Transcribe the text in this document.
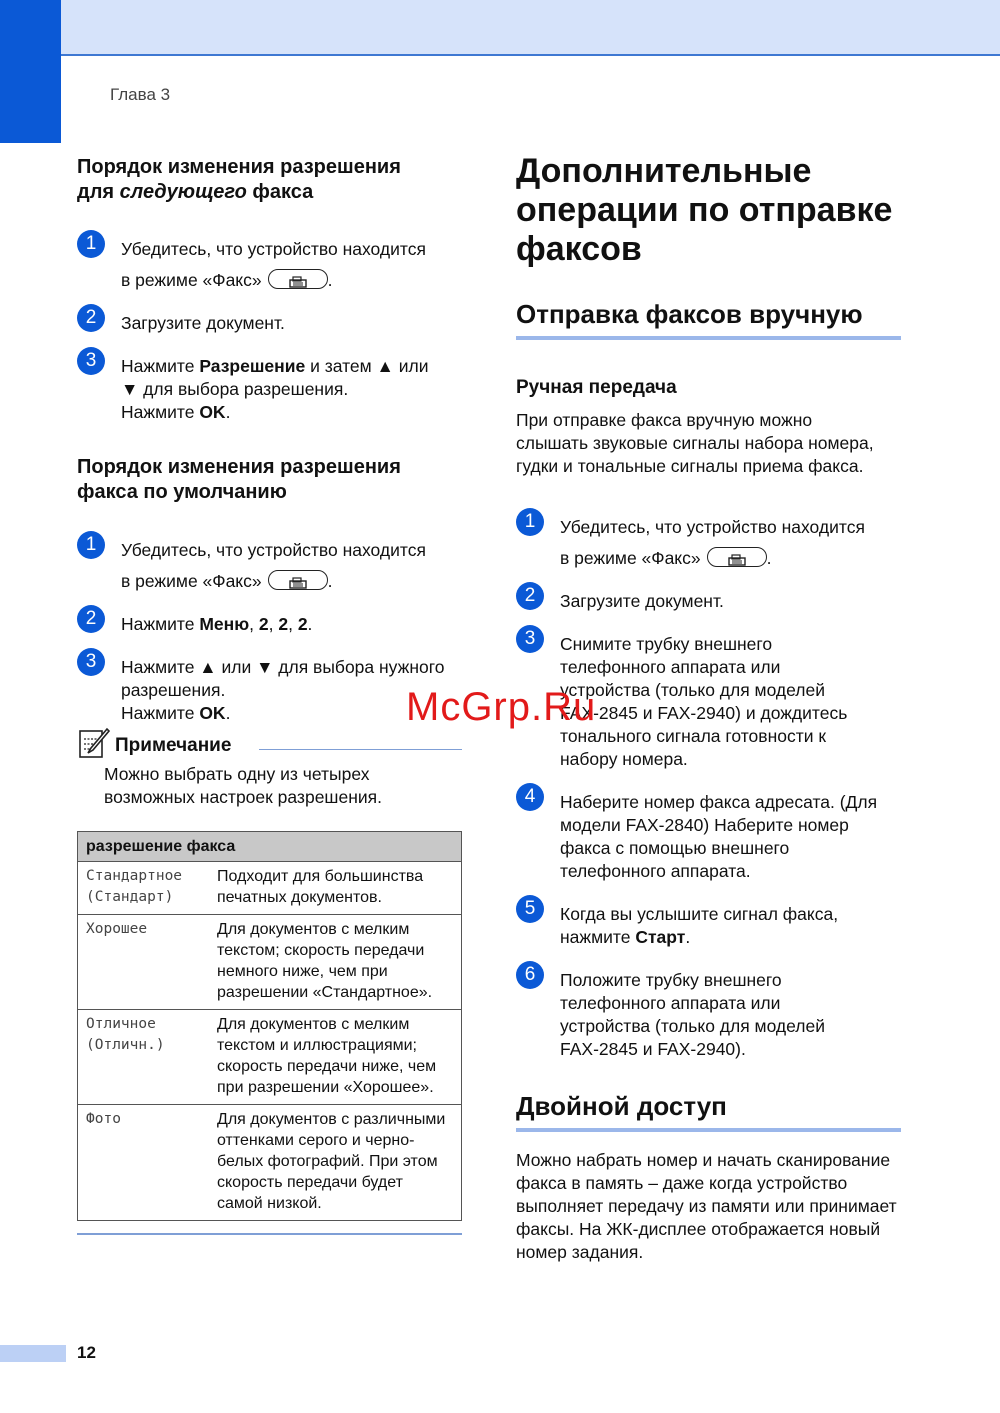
Глава 3

Порядок изменения разрешения
для следующего факса

1	Убедитесь, что устройство находится
в режиме «Факс»	.
2	Загрузите документ.
3	Нажмите Разрешение и затем ▲ или
▼ для выбора разрешения.
Нажмите OK.

Порядок изменения разрешения
факса по умолчанию

1	Убедитесь, что устройство находится
в режиме «Факс»	.
2	Нажмите Меню, 2, 2, 2.
3	Нажмите ▲ или ▼ для выбора нужного
разрешения.
Нажмите OK.
Примечание
Можно выбрать одну из четырех возможных настроек разрешения.
разрешение факса	
Стандартное (Стандарт)	Подходит для большинства печатных документов.
Хорошее	Для документов с мелким текстом; скорость передачи немного ниже, чем при разрешении «Стандартное».
Отличное (Отличн.)	Для документов с мелким текстом и иллюстрациями; скорость передачи ниже, чем при разрешении «Хорошее».
Фото	Для документов с различными оттенками серого и черно-белых фотографий. При этом скорость передачи будет самой низкой.

Дополнительные операции по отправке факсов

Отправка факсов вручную

Ручная передача

При отправке факса вручную можно слышать звуковые сигналы набора номера, гудки и тональные сигналы приема факса.
1	Убедитесь, что устройство находится
в режиме «Факс»	.
2	Загрузите документ.
3	Снимите трубку внешнего телефонного аппарата или устройства (только для моделей FAX-2845 и FAX-2940) и дождитесь тонального сигнала готовности к набору номера.
4	Наберите номер факса адресата. (Для модели FAX-2840) Наберите номер факса с помощью внешнего телефонного аппарата.
5	Когда вы услышите сигнал факса, нажмите Старт.
6	Положите трубку внешнего телефонного аппарата или устройства (только для моделей FAX-2845 и FAX-2940).

Двойной доступ

Можно набрать номер и начать сканирование факса в память – даже когда устройство выполняет передачу из памяти или принимает факсы. На ЖК-дисплее отображается новый номер задания.
McGrp.Ru
12
